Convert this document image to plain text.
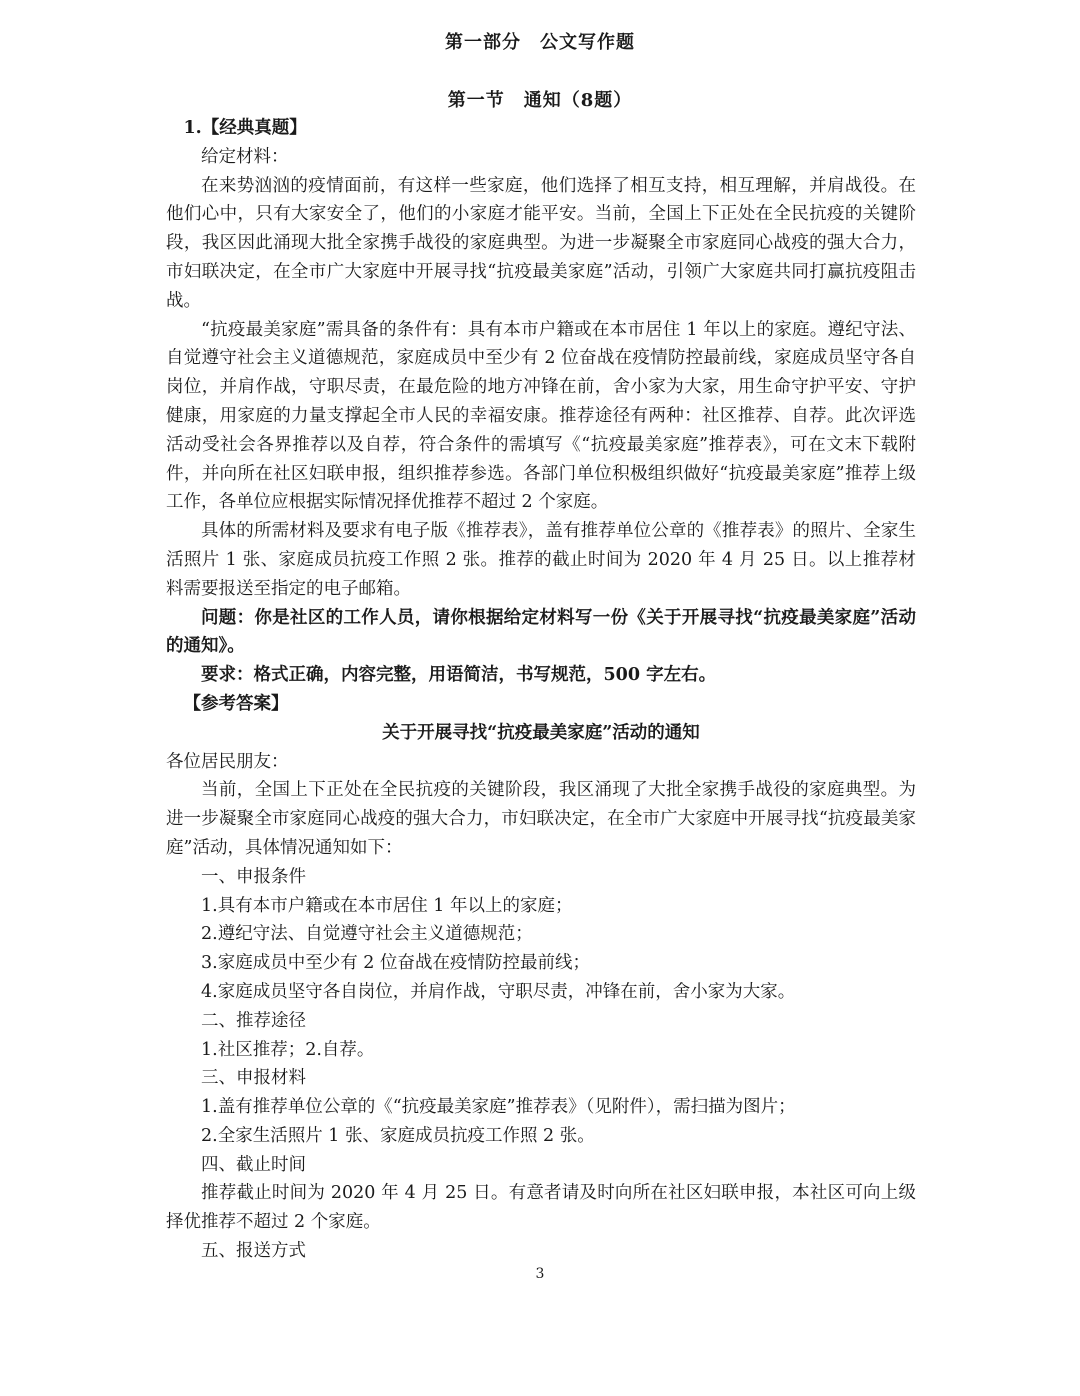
第一部分　公文写作题
第一节　通知（8题）

1.【经典真题】

给定材料：

在来势汹汹的疫情面前，有这样一些家庭，他们选择了相互支持，相互理解，并肩战役。在他们心中，只有大家安全了，他们的小家庭才能平安。当前，全国上下正处在全民抗疫的关键阶段，我区因此涌现大批全家携手战役的家庭典型。为进一步凝聚全市家庭同心战疫的强大合力，市妇联决定，在全市广大家庭中开展寻找“抗疫最美家庭”活动，引领广大家庭共同打赢抗疫阻击战。

“抗疫最美家庭”需具备的条件有：具有本市户籍或在本市居住 1 年以上的家庭。遵纪守法、自觉遵守社会主义道德规范，家庭成员中至少有 2 位奋战在疫情防控最前线，家庭成员坚守各自岗位，并肩作战，守职尽责，在最危险的地方冲锋在前，舍小家为大家，用生命守护平安、守护健康，用家庭的力量支撑起全市人民的幸福安康。推荐途径有两种：社区推荐、自荐。此次评选活动受社会各界推荐以及自荐，符合条件的需填写《“抗疫最美家庭”推荐表》，可在文末下载附件，并向所在社区妇联申报，组织推荐参选。各部门单位积极组织做好“抗疫最美家庭”推荐上级工作，各单位应根据实际情况择优推荐不超过 2 个家庭。

具体的所需材料及要求有电子版《推荐表》，盖有推荐单位公章的《推荐表》的照片、全家生活照片 1 张、家庭成员抗疫工作照 2 张。推荐的截止时间为 2020 年 4 月 25 日。以上推荐材料需要报送至指定的电子邮箱。

问题：你是社区的工作人员，请你根据给定材料写一份《关于开展寻找“抗疫最美家庭”活动的通知》。

要求：格式正确，内容完整，用语简洁，书写规范，500 字左右。

【参考答案】

关于开展寻找“抗疫最美家庭”活动的通知

各位居民朋友：

当前，全国上下正处在全民抗疫的关键阶段，我区涌现了大批全家携手战役的家庭典型。为进一步凝聚全市家庭同心战疫的强大合力，市妇联决定，在全市广大家庭中开展寻找“抗疫最美家庭”活动，具体情况通知如下：

一、申报条件

1.具有本市户籍或在本市居住 1 年以上的家庭；

2.遵纪守法、自觉遵守社会主义道德规范；

3.家庭成员中至少有 2 位奋战在疫情防控最前线；

4.家庭成员坚守各自岗位，并肩作战，守职尽责，冲锋在前，舍小家为大家。

二、推荐途径

1.社区推荐；2.自荐。

三、申报材料

1.盖有推荐单位公章的《“抗疫最美家庭”推荐表》（见附件），需扫描为图片；

2.全家生活照片 1 张、家庭成员抗疫工作照 2 张。

四、截止时间

推荐截止时间为 2020 年 4 月 25 日。有意者请及时向所在社区妇联申报，本社区可向上级择优推荐不超过 2 个家庭。

五、报送方式

3
